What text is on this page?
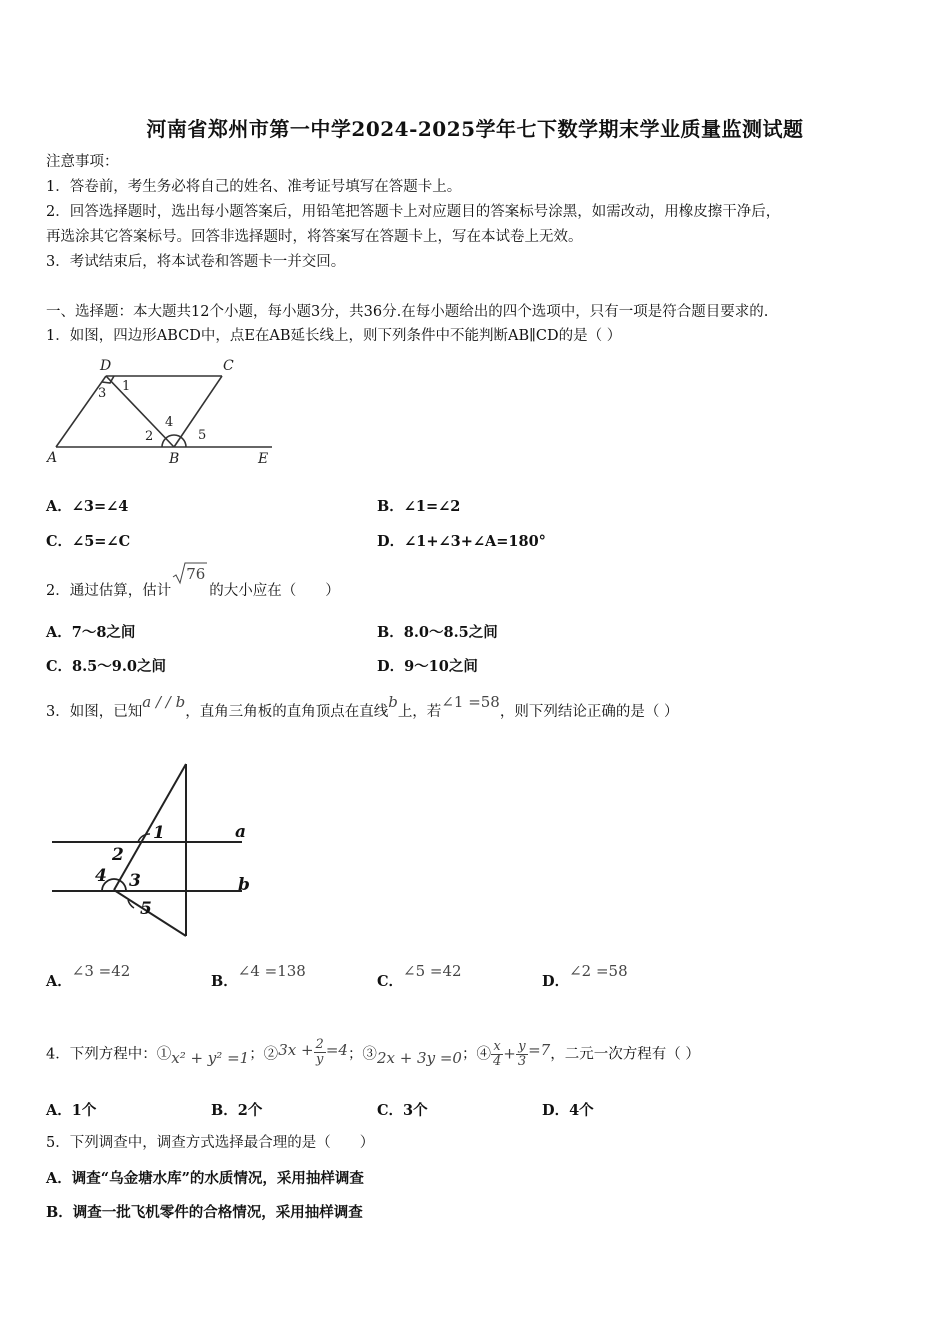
河南省郑州市第一中学2024-2025学年七下数学期末学业质量监测试题
注意事项：
1．答卷前，考生务必将自己的姓名、准考证号填写在答题卡上。
2．回答选择题时，选出每小题答案后，用铅笔把答题卡上对应题目的答案标号涂黑，如需改动，用橡皮擦干净后，
再选涂其它答案标号。回答非选择题时，将答案写在答题卡上，写在本试卷上无效。
3．考试结束后，将本试卷和答题卡一并交回。
一、选择题：本大题共12个小题，每小题3分，共36分.在每小题给出的四个选项中，只有一项是符合题目要求的.
1．如图，四边形ABCD中，点E在AB延长线上，则下列条件中不能判断AB∥CD的是（ ）
D	C
A	B	E
1
3
4
2	5
A．∠3=∠4	B．∠1=∠2
C．∠5=∠C	D．∠1+∠3+∠A=180°
2．通过估算，估计
76
的大小应在（　　）
A．7～8之间	B．8.0～8.5之间
C．8.5～9.0之间	D．9～10之间
3．如图，已知a / / b，直角三角板的直角顶点在直线b上，若∠1 =58，则下列结论正确的是（ ）
1	a
2
4 3	b
5
A．∠3 =42
B．∠4 =138
C．∠5 =42
D．∠2 =58
4．下列方程中：①x² + y² =1；②3x + $\frac{2}{y} =4$；③2x + 3y =0；④ $\frac{x}{4} + \frac{y}{3} =7$，二元一次方程有（ ）
A．1个	B．2个	C．3个	D．4个
5．下列调查中，调查方式选择最合理的是（　　）
A．调查“乌金塘水库”的水质情况，采用抽样调查
B．调查一批飞机零件的合格情况，采用抽样调查
